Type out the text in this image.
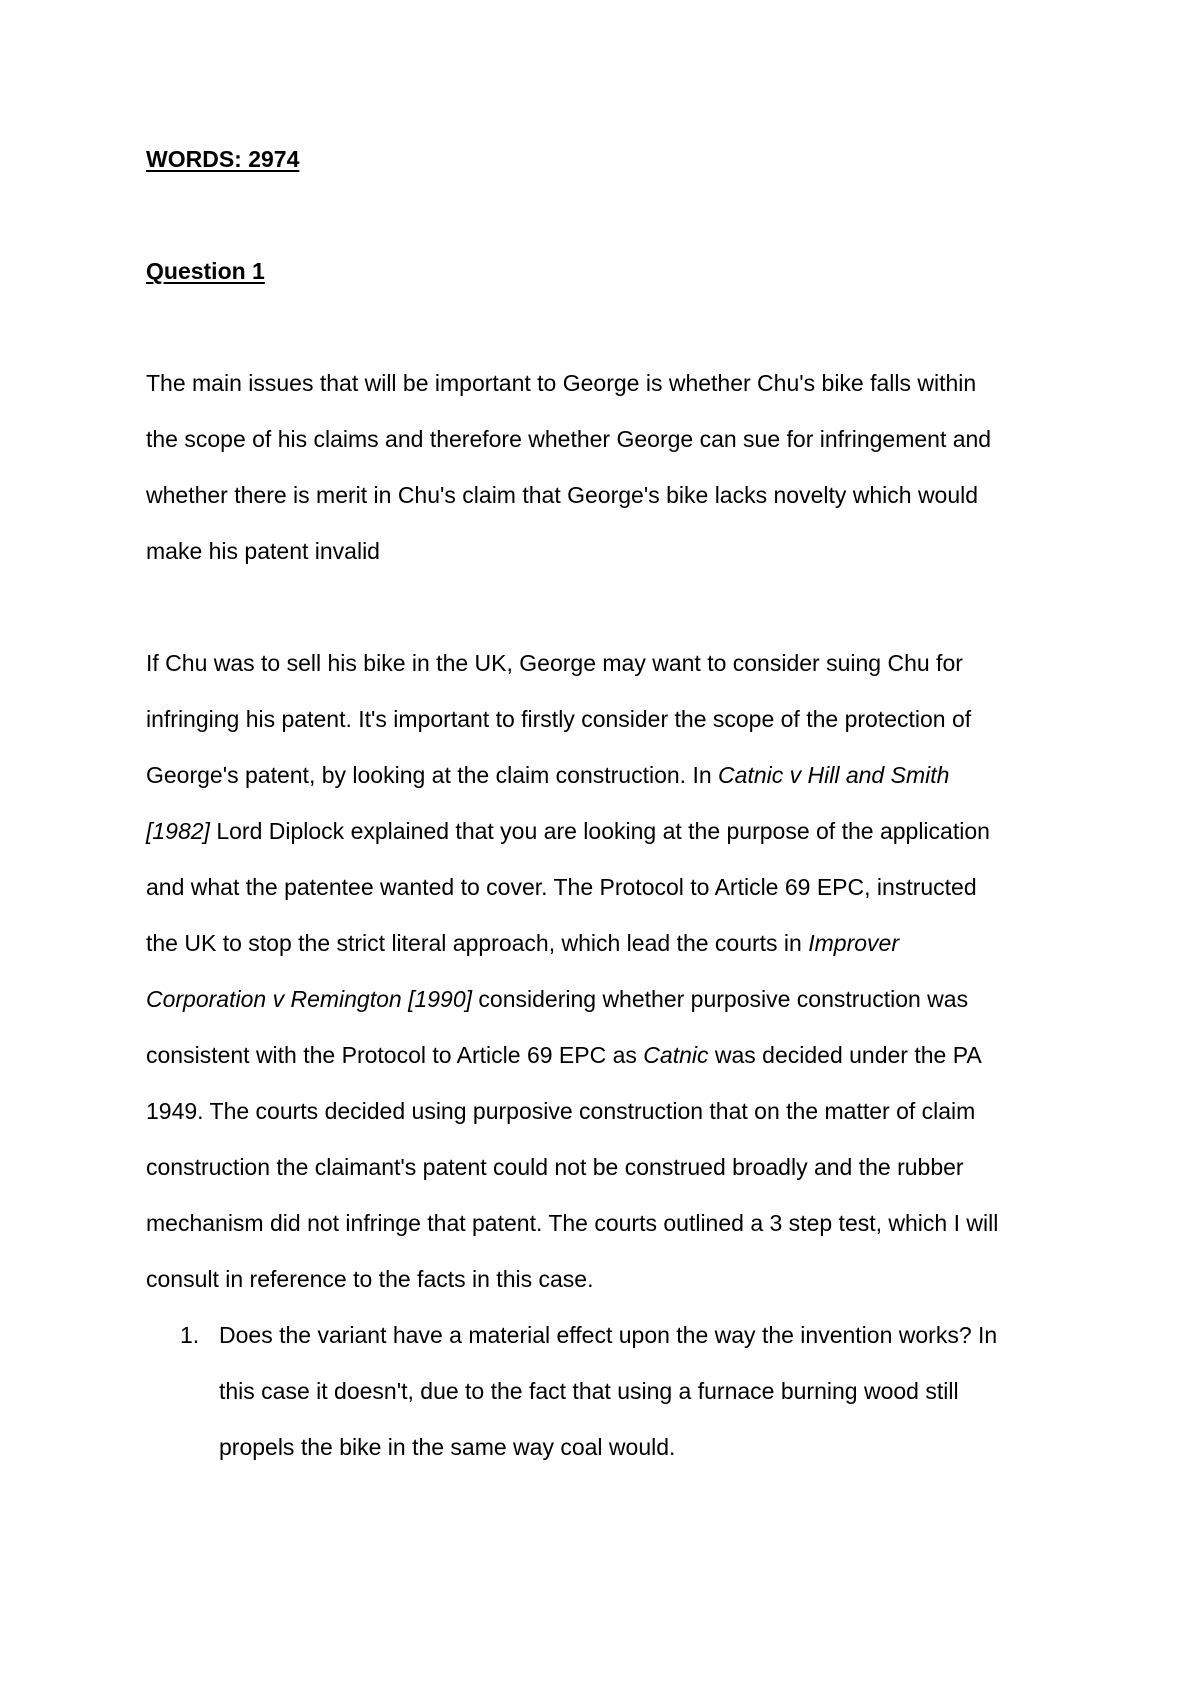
WORDS: 2974
Question 1
The main issues that will be important to George is whether Chu's bike falls within
the scope of his claims and therefore whether George can sue for infringement and
whether there is merit in Chu's claim that George's bike lacks novelty which would
make his patent invalid
If Chu was to sell his bike in the UK, George may want to consider suing Chu for
infringing his patent. It's important to firstly consider the scope of the protection of
George's patent, by looking at the claim construction. In Catnic v Hill and Smith
[1982] Lord Diplock explained that you are looking at the purpose of the application
and what the patentee wanted to cover. The Protocol to Article 69 EPC, instructed
the UK to stop the strict literal approach, which lead the courts in Improver
Corporation v Remington [1990] considering whether purposive construction was
consistent with the Protocol to Article 69 EPC as Catnic was decided under the PA
1949. The courts decided using purposive construction that on the matter of claim
construction the claimant's patent could not be construed broadly and the rubber
mechanism did not infringe that patent. The courts outlined a 3 step test, which I will
consult in reference to the facts in this case.
1. Does the variant have a material effect upon the way the invention works? In
this case it doesn't, due to the fact that using a furnace burning wood still
propels the bike in the same way coal would.
